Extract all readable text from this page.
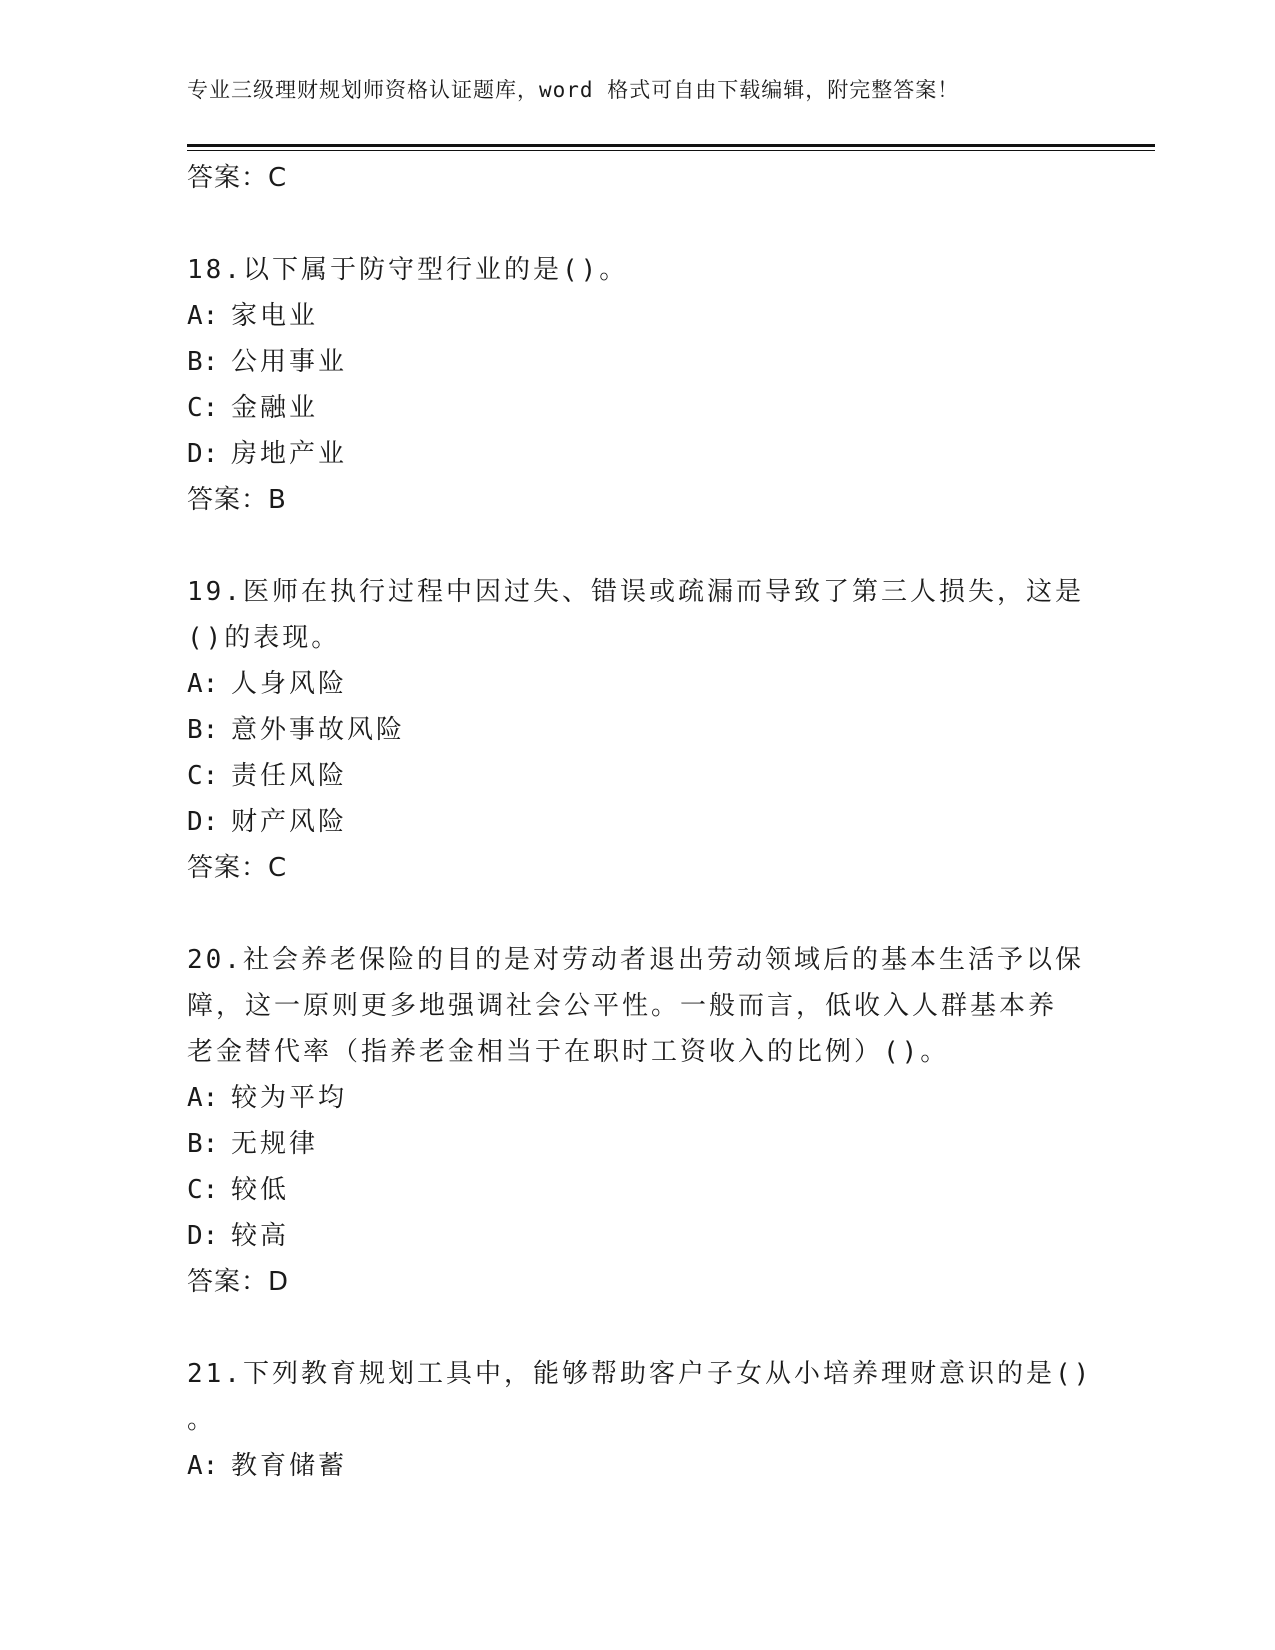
专业三级理财规划师资格认证题库，word 格式可自由下载编辑，附完整答案！
答案：C
18.以下属于防守型行业的是()。
A: 家电业
B: 公用事业
C: 金融业
D: 房地产业
答案：B
19.医师在执行过程中因过失、错误或疏漏而导致了第三人损失，这是
()的表现。
A: 人身风险
B: 意外事故风险
C: 责任风险
D: 财产风险
答案：C
20.社会养老保险的目的是对劳动者退出劳动领域后的基本生活予以保
障，这一原则更多地强调社会公平性。一般而言，低收入人群基本养
老金替代率（指养老金相当于在职时工资收入的比例）()。
A: 较为平均
B: 无规律
C: 较低
D: 较高
答案：D
21.下列教育规划工具中，能够帮助客户子女从小培养理财意识的是()
。
A: 教育储蓄
